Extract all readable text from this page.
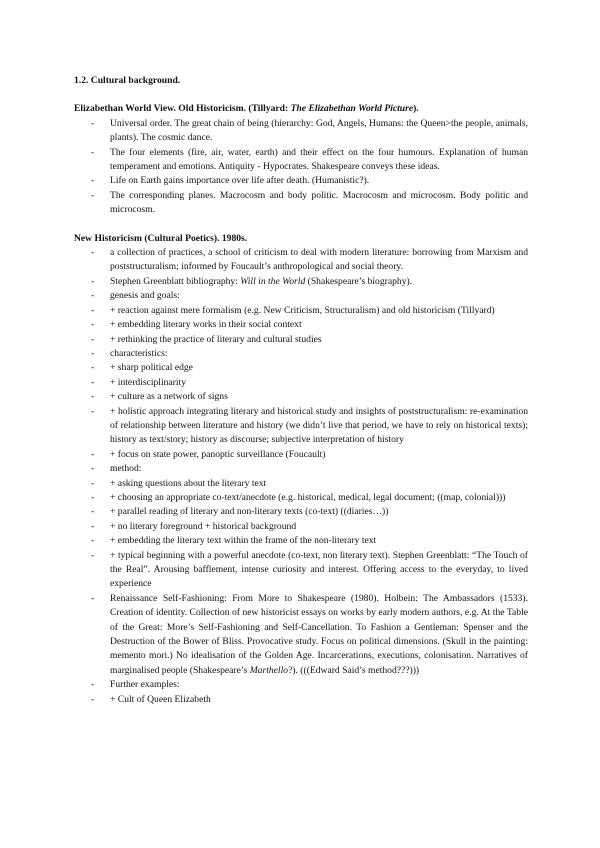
1.2. Cultural background.

Elizabethan World View. Old Historicism. (Tillyard: The Elizabethan World Picture).

- Universal order. The great chain of being (hierarchy: God, Angels, Humans: the Queen>the people, animals, plants). The cosmic dance.
- The four elements (fire, air, water, earth) and their effect on the four humours. Explanation of human temperament and emotions. Antiquity - Hypocrates. Shakespeare conveys these ideas.
- Life on Earth gains importance over life after death. (Humanistic?).
- The corresponding planes. Macrocosm and body politic. Macrocosm and microcosm. Body politic and microcosm.

New Historicism (Cultural Poetics). 1980s.

- a collection of practices, a school of criticism to deal with modern literature: borrowing from Marxism and poststructuralism; informed by Foucault’s anthropological and social theory.
- Stephen Greenblatt bibliography: Will in the World (Shakespeare’s biography).
- genesis and goals:
- + reaction against mere formalism (e.g. New Criticism, Structuralism) and old historicism (Tillyard)
- + embedding literary works in their social context
- + rethinking the practice of literary and cultural studies
- characteristics:
- + sharp political edge
- + interdisciplinarity
- + culture as a network of signs
- + holistic approach integrating literary and historical study and insights of poststructuralism: re-examination of relationship between literature and history (we didn’t live that period, we have to rely on historical texts); history as text/story; history as discourse; subjective interpretation of history
- + focus on state power, panoptic surveillance (Foucault)
- method:
- + asking questions about the literary text
- + choosing an appropriate co-text/anecdote (e.g. historical, medical, legal document; ((map, colonial)))
- + parallel reading of literary and non-literary texts (co-text) ((diaries…))
- + no literary foreground + historical background
- + embedding the literary text within the frame of the non-literary text
- + typical beginning with a powerful anecdote (co-text, non literary text). Stephen Greenblatt: “The Touch of the Real”. Arousing bafflement, intense curiosity and interest. Offering access to the everyday, to lived experience
- Renaissance Self-Fashioning: From More to Shakespeare (1980). Holbein: The Ambassadors (1533). Creation of identity. Collection of new historicist essays on works by early modern authors, e.g. At the Table of the Great: More’s Self-Fashioning and Self-Cancellation. To Fashion a Gentleman: Spenser and the Destruction of the Bower of Bliss. Provocative study. Focus on political dimensions. (Skull in the painting: memento mori.) No idealisation of the Golden Age. Incarcerations, executions, colonisation. Narratives of marginalised people (Shakespeare’s Marthello?). (((Edward Said’s method???)))
- Further examples:
- + Cult of Queen Elizabeth
